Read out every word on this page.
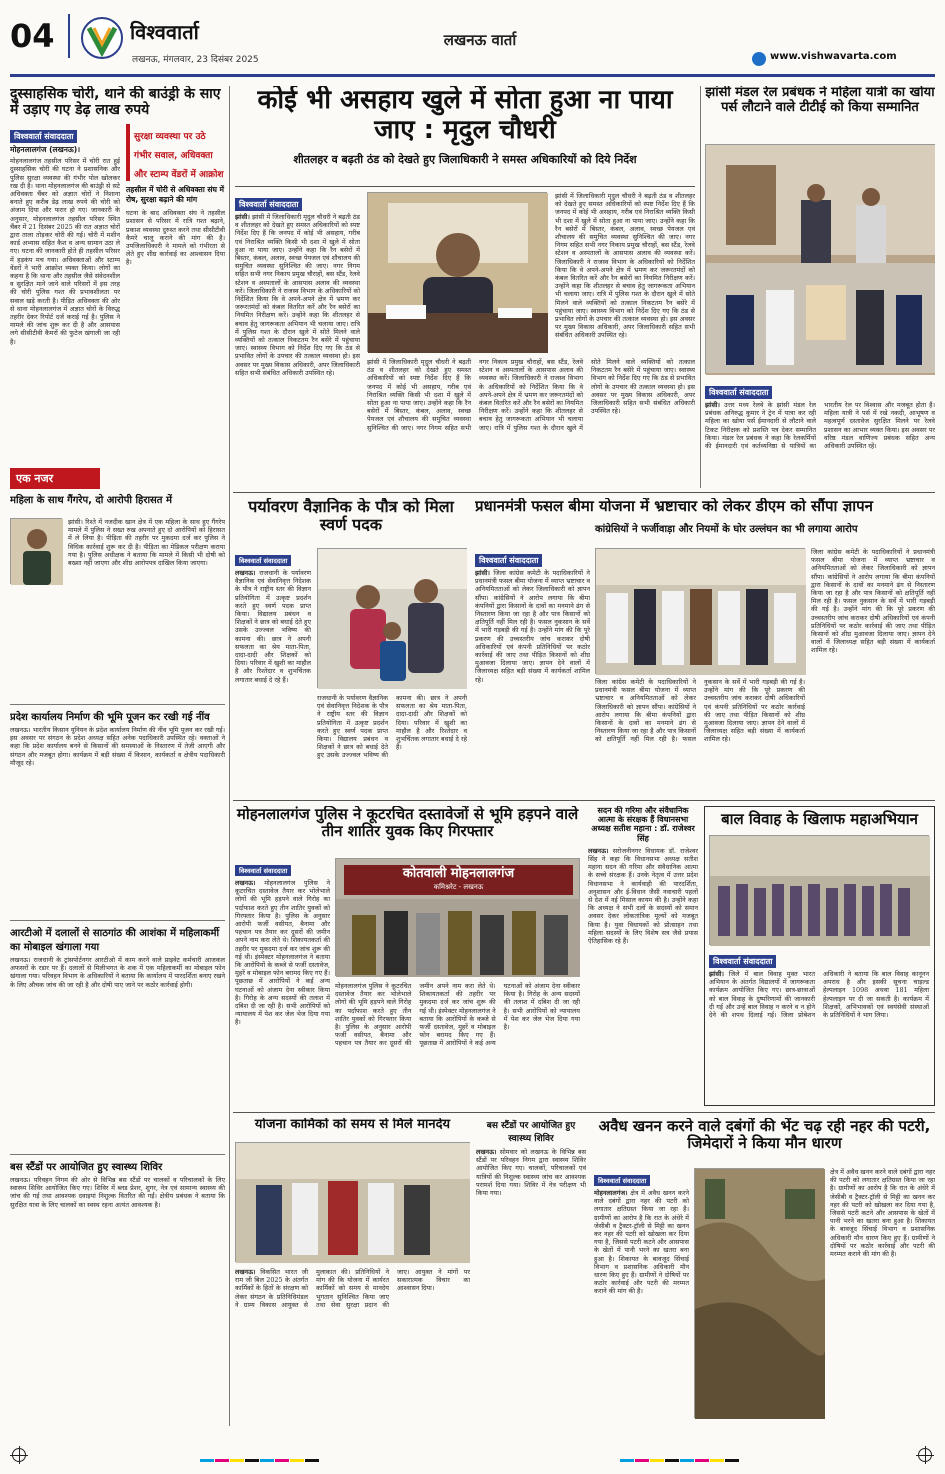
04	विश्ववार्ता
लखनऊ, मंगलवार, 23 दिसंबर 2025
लखनऊ वार्ता
www.vishwavarta.com
दुस्साहसिक चोरी, थाने की बाउंड्री के साए में उड़ाए गए डेढ़ लाख रुपये
विश्ववार्ता संवाददाता
मोहनलालगंज (लखनऊ)।
मोहनलालगंज तहसील परिसर में चोरी रात हुई दुस्साहसिक चोरी की घटना ने प्रशासनिक और पुलिस सुरक्षा व्यवस्था की गंभीर पोल खोलकर रख दी है। थाना मोहनलालगंज की बाउंड्री से सटे अधिवक्ता चैंबर को अज्ञात चोरों ने निशाना बनाते हुए करीब डेढ़ लाख रुपये की चोरी को अंजाम दिया और फरार हो गए। जानकारी के अनुसार, मोहनलालगंज तहसील परिसर स्थित चैंबर में 21 दिसंबर 2025 की रात अज्ञात चोरों द्वारा ताला तोड़कर चोरी की गई। चोरी में मशीन कार्ड अभ्यास सहित कैश व अन्य सामान उठा ले गए। घटना की जानकारी होते ही तहसील परिसर में हड़कंप मच गया। अधिवक्ताओं और स्टाम्प वेंडरों ने भारी आक्रोश व्यक्त किया। लोगों का कहना है कि थाना और तहसील जैसे संवेदनशील व सुरक्षित माने जाने वाले परिसरों में इस तरह की चोरी पुलिस गश्त की प्रभावशीलता पर सवाल खड़े करती है। पीड़ित अधिवक्ता की ओर से थाना मोहनलालगंज में अज्ञात चोरों के विरुद्ध तहरीर देकर रिपोर्ट दर्ज कराई गई है। पुलिस ने मामले की जांच शुरू कर दी है और आसपास लगे सीसीटीवी कैमरों की फुटेज खंगाली जा रही है।
सुरक्षा व्यवस्था पर उठे गंभीर सवाल, अधिवक्ता और स्टाम्प वेंडरों में आक्रोश
तहसील में चोरी से अधिवक्ता संघ में रोष, सुरक्षा बढ़ाने की मांग
घटना के बाद अधिवक्ता संघ ने तहसील प्रशासन से परिसर में रात्रि गश्त बढ़ाने, प्रकाश व्यवस्था दुरुस्त करने तथा सीसीटीवी कैमरे चालू कराने की मांग की है। उपजिलाधिकारी ने मामले को गंभीरता से लेते हुए शीघ्र कार्रवाई का आश्वासन दिया है।
कोई भी असहाय खुले में सोता हुआ ना पाया जाए : मृदुल चौधरी
शीतलहर व बढ़ती ठंड को देखते हुए जिलाधिकारी ने समस्त अधिकारियों को दिये निर्देश
विश्ववार्ता संवाददाता
झांसी। झांसी में जिलाधिकारी मृदुल चौधरी ने बढ़ती ठंड व शीतलहर को देखते हुए समस्त अधिकारियों को स्पष्ट निर्देश दिए हैं कि जनपद में कोई भी असहाय, गरीब एवं निराश्रित व्यक्ति किसी भी दशा में खुले में सोता हुआ ना पाया जाए। उन्होंने कहा कि रैन बसेरों में बिस्तर, कंबल, अलाव, स्वच्छ पेयजल एवं शौचालय की समुचित व्यवस्था सुनिश्चित की जाए। नगर निगम सहित सभी नगर निकाय प्रमुख चौराहों, बस स्टैंड, रेलवे स्टेशन व अस्पतालों के आसपास अलाव की व्यवस्था करें। जिलाधिकारी ने राजस्व विभाग के अधिकारियों को निर्देशित किया कि वे अपने-अपने क्षेत्र में भ्रमण कर जरूरतमंदों को कंबल वितरित करें और रैन बसेरों का नियमित निरीक्षण करें। उन्होंने कहा कि शीतलहर से बचाव हेतु जागरूकता अभियान भी चलाया जाए। रात्रि में पुलिस गश्त के दौरान खुले में सोते मिलने वाले व्यक्तियों को तत्काल निकटतम रैन बसेरे में पहुंचाया जाए। स्वास्थ्य विभाग को निर्देश दिए गए कि ठंड से प्रभावित लोगों के उपचार की तत्काल व्यवस्था हो। इस अवसर पर मुख्य विकास अधिकारी, अपर जिलाधिकारी सहित सभी संबंधित अधिकारी उपस्थित रहे।
झांसी में जिलाधिकारी मृदुल चौधरी ने बढ़ती ठंड व शीतलहर को देखते हुए समस्त अधिकारियों को स्पष्ट निर्देश दिए हैं कि जनपद में कोई भी असहाय, गरीब एवं निराश्रित व्यक्ति किसी भी दशा में खुले में सोता हुआ ना पाया जाए। उन्होंने कहा कि रैन बसेरों में बिस्तर, कंबल, अलाव, स्वच्छ पेयजल एवं शौचालय की समुचित व्यवस्था सुनिश्चित की जाए। नगर निगम सहित सभी नगर निकाय प्रमुख चौराहों, बस स्टैंड, रेलवे स्टेशन व अस्पतालों के आसपास अलाव की व्यवस्था करें। जिलाधिकारी ने राजस्व विभाग के अधिकारियों को निर्देशित किया कि वे अपने-अपने क्षेत्र में भ्रमण कर जरूरतमंदों को कंबल वितरित करें और रैन बसेरों का नियमित निरीक्षण करें। उन्होंने कहा कि शीतलहर से बचाव हेतु जागरूकता अभियान भी चलाया जाए। रात्रि में पुलिस गश्त के दौरान खुले में सोते मिलने वाले व्यक्तियों को तत्काल निकटतम रैन बसेरे में पहुंचाया जाए। स्वास्थ्य विभाग को निर्देश दिए गए कि ठंड से प्रभावित लोगों के उपचार की तत्काल व्यवस्था हो। इस अवसर पर मुख्य विकास अधिकारी, अपर जिलाधिकारी सहित सभी संबंधित अधिकारी उपस्थित रहे।
झांसी में जिलाधिकारी मृदुल चौधरी ने बढ़ती ठंड व शीतलहर को देखते हुए समस्त अधिकारियों को स्पष्ट निर्देश दिए हैं कि जनपद में कोई भी असहाय, गरीब एवं निराश्रित व्यक्ति किसी भी दशा में खुले में सोता हुआ ना पाया जाए। उन्होंने कहा कि रैन बसेरों में बिस्तर, कंबल, अलाव, स्वच्छ पेयजल एवं शौचालय की समुचित व्यवस्था सुनिश्चित की जाए। नगर निगम सहित सभी नगर निकाय प्रमुख चौराहों, बस स्टैंड, रेलवे स्टेशन व अस्पतालों के आसपास अलाव की व्यवस्था करें। जिलाधिकारी ने राजस्व विभाग के अधिकारियों को निर्देशित किया कि वे अपने-अपने क्षेत्र में भ्रमण कर जरूरतमंदों को कंबल वितरित करें और रैन बसेरों का नियमित निरीक्षण करें। उन्होंने कहा कि शीतलहर से बचाव हेतु जागरूकता अभियान भी चलाया जाए। रात्रि में पुलिस गश्त के दौरान खुले में सोते मिलने वाले व्यक्तियों को तत्काल निकटतम रैन बसेरे में पहुंचाया जाए। स्वास्थ्य विभाग को निर्देश दिए गए कि ठंड से प्रभावित लोगों के उपचार की तत्काल व्यवस्था हो। इस अवसर पर मुख्य विकास अधिकारी, अपर जिलाधिकारी सहित सभी संबंधित अधिकारी उपस्थित रहे।
झांसी मंडल रेल प्रबंधक ने महिला यात्री का खोया पर्स लौटाने वाले टीटीई को किया सम्मानित
विश्ववार्ता संवाददाता
झांसी। उत्तर मध्य रेलवे के झांसी मंडल रेल प्रबंधक अनिरुद्ध कुमार ने ट्रेन में यात्रा कर रही महिला का खोया पर्स ईमानदारी से लौटाने वाले टिकट निरीक्षक को प्रशस्ति पत्र देकर सम्मानित किया। मंडल रेल प्रबंधक ने कहा कि रेलकर्मियों की ईमानदारी एवं कर्तव्यनिष्ठा से यात्रियों का भारतीय रेल पर विश्वास और मजबूत होता है। महिला यात्री ने पर्स में रखे नकदी, आभूषण व महत्वपूर्ण दस्तावेज सुरक्षित मिलने पर रेलवे प्रशासन का आभार व्यक्त किया। इस अवसर पर वरिष्ठ मंडल वाणिज्य प्रबंधक सहित अन्य अधिकारी उपस्थित रहे।
एक नजर
महिला के साथ गैंगरेप, दो आरोपी हिरासत में
झांसी। रिश्ते में नजदीक खान क्षेत्र में एक महिला के साथ हुए गैंगरेप मामले में पुलिस ने सख्त रुख अपनाते हुए दो आरोपियों को हिरासत में ले लिया है। पीड़िता की तहरीर पर मुकदमा दर्ज कर पुलिस ने विधिक कार्रवाई शुरू कर दी है। पीड़िता का मेडिकल परीक्षण कराया गया है। पुलिस अधीक्षक ने बताया कि मामले में किसी भी दोषी को बख्शा नहीं जाएगा और शीघ्र आरोपपत्र दाखिल किया जाएगा।
प्रदेश कार्यालय निर्माण की भूमि पूजन कर रखी गई नींव
लखनऊ। भारतीय किसान यूनियन के प्रदेश कार्यालय निर्माण की नींव भूमि पूजन कर रखी गई। इस अवसर पर संगठन के प्रदेश अध्यक्ष सहित अनेक पदाधिकारी उपस्थित रहे। वक्ताओं ने कहा कि प्रदेश कार्यालय बनने से किसानों की समस्याओं के निस्तारण में तेजी आएगी और संगठन और मजबूत होगा। कार्यक्रम में बड़ी संख्या में किसान, कार्यकर्ता व क्षेत्रीय पदाधिकारी मौजूद रहे।
आरटीओ में दलालों से साठगांठ की आशंका में महिलाकर्मी का मोबाइल खंगाला गया
लखनऊ। राजधानी के ट्रांसपोर्टनगर आरटीओ में काम करने वाले प्राइवेट कर्मचारी आजकल अफसरों के रडार पर हैं। दलालों से मिलीभगत के शक में एक महिलाकर्मी का मोबाइल फोन खंगाला गया। परिवहन विभाग के अधिकारियों ने बताया कि कार्यालय में पारदर्शिता बनाए रखने के लिए औचक जांच की जा रही है और दोषी पाए जाने पर कठोर कार्रवाई होगी।
बस स्टैंडों पर आयोजित हुए स्वास्थ्य शिविर
लखनऊ। परिवहन निगम की ओर से विभिन्न बस स्टैंडों पर चालकों व परिचालकों के लिए स्वास्थ्य शिविर आयोजित किए गए। शिविर में ब्लड प्रेशर, शुगर, नेत्र एवं सामान्य स्वास्थ्य की जांच की गई तथा आवश्यक दवाइयां निशुल्क वितरित की गईं। क्षेत्रीय प्रबंधक ने बताया कि सुरक्षित यात्रा के लिए चालकों का स्वस्थ रहना अत्यंत आवश्यक है।
पर्यावरण वैज्ञानिक के पौत्र को मिला स्वर्ण पदक
विश्ववार्ता संवाददाता
लखनऊ। राजधानी के पर्यावरण वैज्ञानिक एवं सेवानिवृत्त निदेशक के पौत्र ने राष्ट्रीय स्तर की विज्ञान प्रतियोगिता में उत्कृष्ट प्रदर्शन करते हुए स्वर्ण पदक प्राप्त किया। विद्यालय प्रबंधन व शिक्षकों ने छात्र को बधाई देते हुए उसके उज्ज्वल भविष्य की कामना की। छात्र ने अपनी सफलता का श्रेय माता-पिता, दादा-दादी और शिक्षकों को दिया। परिवार में खुशी का माहौल है और रिश्तेदार व शुभचिंतक लगातार बधाई दे रहे हैं।
राजधानी के पर्यावरण वैज्ञानिक एवं सेवानिवृत्त निदेशक के पौत्र ने राष्ट्रीय स्तर की विज्ञान प्रतियोगिता में उत्कृष्ट प्रदर्शन करते हुए स्वर्ण पदक प्राप्त किया। विद्यालय प्रबंधन व शिक्षकों ने छात्र को बधाई देते हुए उसके उज्ज्वल भविष्य की कामना की। छात्र ने अपनी सफलता का श्रेय माता-पिता, दादा-दादी और शिक्षकों को दिया। परिवार में खुशी का माहौल है और रिश्तेदार व शुभचिंतक लगातार बधाई दे रहे हैं।
प्रधानमंत्री फसल बीमा योजना में भ्रष्टाचार को लेकर डीएम को सौंपा ज्ञापन
कांग्रेसियों ने फर्जीवाड़ा और नियमों के घोर उल्लंघन का भी लगाया आरोप
विश्ववार्ता संवाददाता
झांसी। जिला कांग्रेस कमेटी के पदाधिकारियों ने प्रधानमंत्री फसल बीमा योजना में व्याप्त भ्रष्टाचार व अनियमितताओं को लेकर जिलाधिकारी को ज्ञापन सौंपा। कांग्रेसियों ने आरोप लगाया कि बीमा कंपनियों द्वारा किसानों के दावों का मनमाने ढंग से निस्तारण किया जा रहा है और पात्र किसानों को क्षतिपूर्ति नहीं मिल रही है। फसल नुकसान के सर्वे में भारी गड़बड़ी की गई है। उन्होंने मांग की कि पूरे प्रकरण की उच्चस्तरीय जांच कराकर दोषी अधिकारियों एवं कंपनी प्रतिनिधियों पर कठोर कार्रवाई की जाए तथा पीड़ित किसानों को शीघ्र मुआवजा दिलाया जाए। ज्ञापन देने वालों में जिलाध्यक्ष सहित बड़ी संख्या में कार्यकर्ता शामिल रहे।	जिला कांग्रेस कमेटी के पदाधिकारियों ने प्रधानमंत्री फसल बीमा योजना में व्याप्त भ्रष्टाचार व अनियमितताओं को लेकर जिलाधिकारी को ज्ञापन सौंपा। कांग्रेसियों ने आरोप लगाया कि बीमा कंपनियों द्वारा किसानों के दावों का मनमाने ढंग से निस्तारण किया जा रहा है और पात्र किसानों को क्षतिपूर्ति नहीं मिल रही है। फसल नुकसान के सर्वे में भारी गड़बड़ी की गई है। उन्होंने मांग की कि पूरे प्रकरण की उच्चस्तरीय जांच कराकर दोषी अधिकारियों एवं कंपनी प्रतिनिधियों पर कठोर कार्रवाई की जाए तथा पीड़ित किसानों को शीघ्र मुआवजा दिलाया जाए। ज्ञापन देने वालों में जिलाध्यक्ष सहित बड़ी संख्या में कार्यकर्ता शामिल रहे।
जिला कांग्रेस कमेटी के पदाधिकारियों ने प्रधानमंत्री फसल बीमा योजना में व्याप्त भ्रष्टाचार व अनियमितताओं को लेकर जिलाधिकारी को ज्ञापन सौंपा। कांग्रेसियों ने आरोप लगाया कि बीमा कंपनियों द्वारा किसानों के दावों का मनमाने ढंग से निस्तारण किया जा रहा है और पात्र किसानों को क्षतिपूर्ति नहीं मिल रही है। फसल नुकसान के सर्वे में भारी गड़बड़ी की गई है। उन्होंने मांग की कि पूरे प्रकरण की उच्चस्तरीय जांच कराकर दोषी अधिकारियों एवं कंपनी प्रतिनिधियों पर कठोर कार्रवाई की जाए तथा पीड़ित किसानों को शीघ्र मुआवजा दिलाया जाए। ज्ञापन देने वालों में जिलाध्यक्ष सहित बड़ी संख्या में कार्यकर्ता शामिल रहे।
मोहनलालगंज पुलिस ने कूटरचित दस्तावेजों से भूमि हड़पने वाले तीन शातिर युवक किए गिरफ्तार
विश्ववार्ता संवाददाता
लखनऊ। मोहनलालगंज पुलिस ने कूटरचित दस्तावेज तैयार कर भोलेभाले लोगों की भूमि हड़पने वाले गिरोह का पर्दाफाश करते हुए तीन शातिर युवकों को गिरफ्तार किया है। पुलिस के अनुसार आरोपी फर्जी वसीयत, बैनामा और पहचान पत्र तैयार कर दूसरों की जमीन अपने नाम करा लेते थे। शिकायतकर्ता की तहरीर पर मुकदमा दर्ज कर जांच शुरू की गई थी। इंस्पेक्टर मोहनलालगंज ने बताया कि आरोपियों के कब्जे से फर्जी दस्तावेज, मुहरें व मोबाइल फोन बरामद किए गए हैं। पूछताछ में आरोपियों ने कई अन्य घटनाओं को अंजाम देना स्वीकार किया है। गिरोह के अन्य सदस्यों की तलाश में दबिश दी जा रही है। सभी आरोपियों को न्यायालय में पेश कर जेल भेज दिया गया है।
कोतवाली मोहनलालगंज
कमिश्नरेट - लखनऊ
मोहनलालगंज पुलिस ने कूटरचित दस्तावेज तैयार कर भोलेभाले लोगों की भूमि हड़पने वाले गिरोह का पर्दाफाश करते हुए तीन शातिर युवकों को गिरफ्तार किया है। पुलिस के अनुसार आरोपी फर्जी वसीयत, बैनामा और पहचान पत्र तैयार कर दूसरों की जमीन अपने नाम करा लेते थे। शिकायतकर्ता की तहरीर पर मुकदमा दर्ज कर जांच शुरू की गई थी। इंस्पेक्टर मोहनलालगंज ने बताया कि आरोपियों के कब्जे से फर्जी दस्तावेज, मुहरें व मोबाइल फोन बरामद किए गए हैं। पूछताछ में आरोपियों ने कई अन्य घटनाओं को अंजाम देना स्वीकार किया है। गिरोह के अन्य सदस्यों की तलाश में दबिश दी जा रही है। सभी आरोपियों को न्यायालय में पेश कर जेल भेज दिया गया है।
सदन की गरिमा और संवैधानिक आत्मा के संरक्षक हैं विधानसभा अध्यक्ष सतीश महाना : डॉ. राजेश्वर सिंह
लखनऊ। सरोजनीनगर विधायक डॉ. राजेश्वर सिंह ने कहा कि विधानसभा अध्यक्ष सतीश महाना सदन की गरिमा और संवैधानिक आत्मा के सच्चे संरक्षक हैं। उनके नेतृत्व में उत्तर प्रदेश विधानसभा ने कार्यवाही की पारदर्शिता, अनुशासन और ई-विधान जैसी नवाचारी पहलों से देश में नई मिसाल कायम की है। उन्होंने कहा कि अध्यक्ष ने सभी दलों के सदस्यों को समान अवसर देकर लोकतांत्रिक मूल्यों को मजबूत किया है। युवा विधायकों को प्रोत्साहन तथा महिला सदस्यों के लिए विशेष सत्र जैसे प्रयास ऐतिहासिक रहे हैं।
बाल विवाह के खिलाफ महाअभियान
विश्ववार्ता संवाददाता
झांसी। जिले में बाल विवाह मुक्त भारत अभियान के अंतर्गत विद्यालयों में जागरूकता कार्यक्रम आयोजित किए गए। छात्र-छात्राओं को बाल विवाह के दुष्परिणामों की जानकारी दी गई और उन्हें बाल विवाह न करने व न होने देने की शपथ दिलाई गई। जिला प्रोबेशन अधिकारी ने बताया कि बाल विवाह कानूनन अपराध है और इसकी सूचना चाइल्ड हेल्पलाइन 1098 अथवा 181 महिला हेल्पलाइन पर दी जा सकती है। कार्यक्रम में शिक्षकों, अभिभावकों एवं स्वयंसेवी संस्थाओं के प्रतिनिधियों ने भाग लिया।
योजना कार्मिकों को समय से मिले मानदेय
लखनऊ। विकसित भारत जी राम जी बिल 2025 के अंतर्गत कार्मिकों के हितों के संरक्षण को लेकर संगठन के प्रतिनिधिमंडल ने ग्राम्य विकास आयुक्त से मुलाकात की। प्रतिनिधियों ने मांग की कि योजना में कार्यरत कार्मिकों को समय से मानदेय भुगतान सुनिश्चित किया जाए तथा सेवा सुरक्षा प्रदान की जाए। आयुक्त ने मांगों पर सकारात्मक विचार का आश्वासन दिया।
बस स्टैंडों पर आयोजित हुए स्वास्थ्य शिविर
लखनऊ। सोमवार को लखनऊ के विभिन्न बस स्टैंडों पर परिवहन निगम द्वारा स्वास्थ्य शिविर आयोजित किए गए। चालकों, परिचालकों एवं यात्रियों की निशुल्क स्वास्थ्य जांच कर आवश्यक परामर्श दिया गया। शिविर में नेत्र परीक्षण भी किया गया।
अवैध खनन करने वाले दबंगों की भेंट चढ़ रही नहर की पटरी, जिमेदारों ने किया मौन धारण
विश्ववार्ता संवाददाता
मोहनलालगंज। क्षेत्र में अवैध खनन करने वाले दबंगों द्वारा नहर की पटरी को लगातार क्षतिग्रस्त किया जा रहा है। ग्रामीणों का आरोप है कि रात के अंधेरे में जेसीबी व ट्रैक्टर-ट्रॉली से मिट्टी का खनन कर नहर की पटरी को खोखला कर दिया गया है, जिससे पटरी कटने और आसपास के खेतों में पानी भरने का खतरा बना हुआ है। शिकायत के बावजूद सिंचाई विभाग व प्रशासनिक अधिकारी मौन धारण किए हुए हैं। ग्रामीणों ने दोषियों पर कठोर कार्रवाई और पटरी की मरम्मत कराने की मांग की है।
क्षेत्र में अवैध खनन करने वाले दबंगों द्वारा नहर की पटरी को लगातार क्षतिग्रस्त किया जा रहा है। ग्रामीणों का आरोप है कि रात के अंधेरे में जेसीबी व ट्रैक्टर-ट्रॉली से मिट्टी का खनन कर नहर की पटरी को खोखला कर दिया गया है, जिससे पटरी कटने और आसपास के खेतों में पानी भरने का खतरा बना हुआ है। शिकायत के बावजूद सिंचाई विभाग व प्रशासनिक अधिकारी मौन धारण किए हुए हैं। ग्रामीणों ने दोषियों पर कठोर कार्रवाई और पटरी की मरम्मत कराने की मांग की है।
